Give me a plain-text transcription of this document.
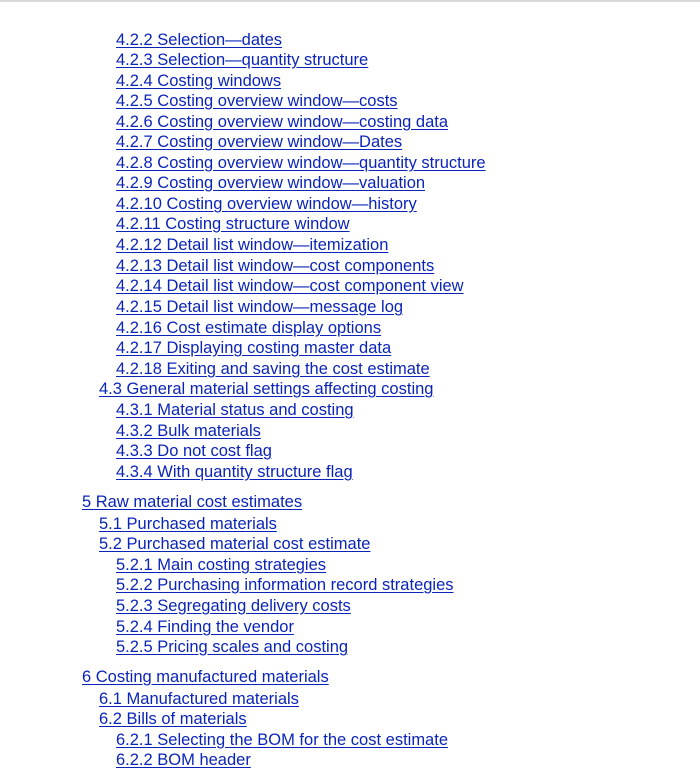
4.2.2 Selection—dates
4.2.3 Selection—quantity structure
4.2.4 Costing windows
4.2.5 Costing overview window—costs
4.2.6 Costing overview window—costing data
4.2.7 Costing overview window—Dates
4.2.8 Costing overview window—quantity structure
4.2.9 Costing overview window—valuation
4.2.10 Costing overview window—history
4.2.11 Costing structure window
4.2.12 Detail list window—itemization
4.2.13 Detail list window—cost components
4.2.14 Detail list window—cost component view
4.2.15 Detail list window—message log
4.2.16 Cost estimate display options
4.2.17 Displaying costing master data
4.2.18 Exiting and saving the cost estimate
4.3 General material settings affecting costing
4.3.1 Material status and costing
4.3.2 Bulk materials
4.3.3 Do not cost flag
4.3.4 With quantity structure flag
5 Raw material cost estimates
5.1 Purchased materials
5.2 Purchased material cost estimate
5.2.1 Main costing strategies
5.2.2 Purchasing information record strategies
5.2.3 Segregating delivery costs
5.2.4 Finding the vendor
5.2.5 Pricing scales and costing
6 Costing manufactured materials
6.1 Manufactured materials
6.2 Bills of materials
6.2.1 Selecting the BOM for the cost estimate
6.2.2 BOM header
